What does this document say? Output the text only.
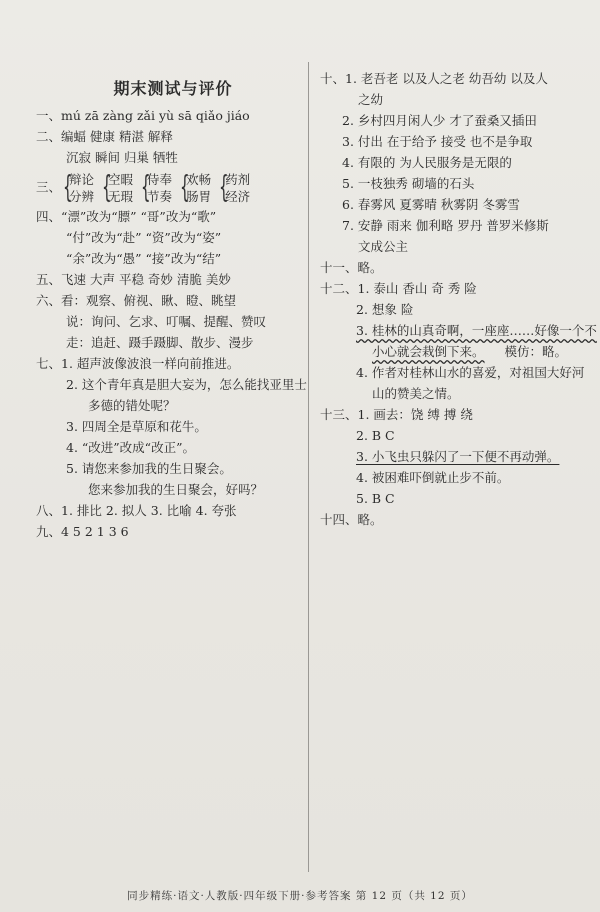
期末测试与评价
一、mú zā zàng zǎi yù sā qiǎo jiáo
二、编蝠 健康 精湛 解释
沉寂 瞬间 归巢 牺牲
三、{辩论
分辨 {空暇
无瑕 {侍奉
节奏 {欢畅
肠胃 {药剂
经济
四、“漂”改为“膘” “哥”改为“歌”
“付”改为“赴” “资”改为“姿”
“余”改为“愚” “接”改为“结”
五、飞速 大声 平稳 奇妙 清脆 美妙
六、看：观察、俯视、瞅、瞪、眺望
说：询问、乞求、叮嘱、提醒、赞叹
走：追赶、蹑手蹑脚、散步、漫步
七、1. 超声波像波浪一样向前推进。
2. 这个青年真是胆大妄为，怎么能找亚里士
多德的错处呢？
3. 四周全是草原和花牛。
4. “改进”改成“改正”。
5. 请您来参加我的生日聚会。
您来参加我的生日聚会，好吗？
八、1. 排比 2. 拟人 3. 比喻 4. 夸张
九、4 5 2 1 3 6
十、1. 老吾老 以及人之老 幼吾幼 以及人
之幼
2. 乡村四月闲人少 才了蚕桑又插田
3. 付出 在于给予 接受 也不是争取
4. 有限的 为人民服务是无限的
5. 一枝独秀 砌墙的石头
6. 春雾风 夏雾晴 秋雾阴 冬雾雪
7. 安静 雨来 伽利略 罗丹 普罗米修斯
文成公主
十一、略。
十二、1. 泰山 香山 奇 秀 险
2. 想象 险
3. 桂林的山真奇啊，一座座……好像一个不
小心就会栽倒下来。 模仿：略。
4. 作者对桂林山水的喜爱，对祖国大好河
山的赞美之情。
十三、1. 画去：饶 缚 搏 绕
2. B C
3. 小飞虫只躲闪了一下便不再动弹。
4. 被困难吓倒就止步不前。
5. B C
十四、略。
同步精练·语文·人教版·四年级下册·参考答案 第 12 页（共 12 页）
